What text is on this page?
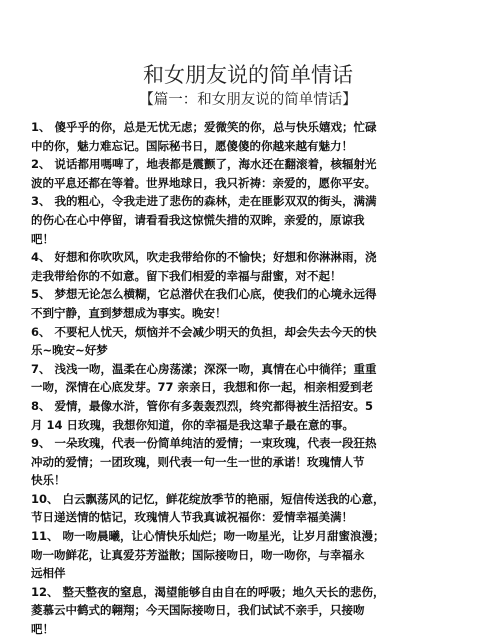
和女朋友说的简单情话
【篇一：和女朋友说的简单情话】
1、 傻乎乎的你，总是无忧无虑；爱微笑的你，总与快乐嬉戏；忙碌
中的你，魅力难忘记。国际秘书日，愿傻傻的你越来越有魅力！
2、 说话都用嗎啤了，地表都是震颤了，海水还在翻滚着，核辐射光
波的平息还都在等着。世界地球日，我只祈祷：亲爱的，愿你平安。
3、 我的粗心，令我走进了悲伤的森林，走在匪影双双的街头，满满
的伤心在心中停留，请看看我这惊慌失措的双眸，亲爱的，原谅我
吧！
4、 好想和你吹吹风，吹走我带给你的不愉快；好想和你淋淋雨，浇
走我带给你的不如意。留下我们相爱的幸福与甜蜜，对不起！
5、 梦想无论怎么横糊，它总潜伏在我们心底，使我们的心境永远得
不到宁静，直到梦想成为事实。晚安！
6、 不要杞人忧天，烦恼并不会减少明天的负担，却会失去今天的快
乐~晚安~好梦
7、 浅浅一吻，温柔在心房荡漾；深深一吻，真情在心中徜徉；重重
一吻，深情在心底发芽。77 亲亲日，我想和你一起，相亲相爱到老
8、 爱情，最像水浒，管你有多轰轰烈烈，终究都得被生活招安。5
月 14 日玫瑰，我想你知道，你的幸福是我这辈子最在意的事。
9、 一朵玫瑰，代表一份简单纯洁的爱情；一束玫瑰，代表一段狂热
冲动的爱情；一团玫瑰，则代表一句一生一世的承诺！玫瑰情人节
快乐！
10、 白云飘荡风的记忆，鲜花绽放季节的艳丽，短信传送我的心意，
节日递送情的惦记，玫瑰情人节我真诚祝福你：爱情幸福美满！
11、 吻一吻晨曦，让心情快乐灿烂；吻一吻星光，让岁月甜蜜浪漫；
吻一吻鲜花，让真爱芬芳溢散；国际接吻日，吻一吻你，与幸福永
远相伴
12、 整天整夜的窒息，渴望能够自由自在的呼吸；地久天长的悲伤，
菱慕云中鹤式的翱翔；今天国际接吻日，我们试试不亲手，只接吻
吧！
